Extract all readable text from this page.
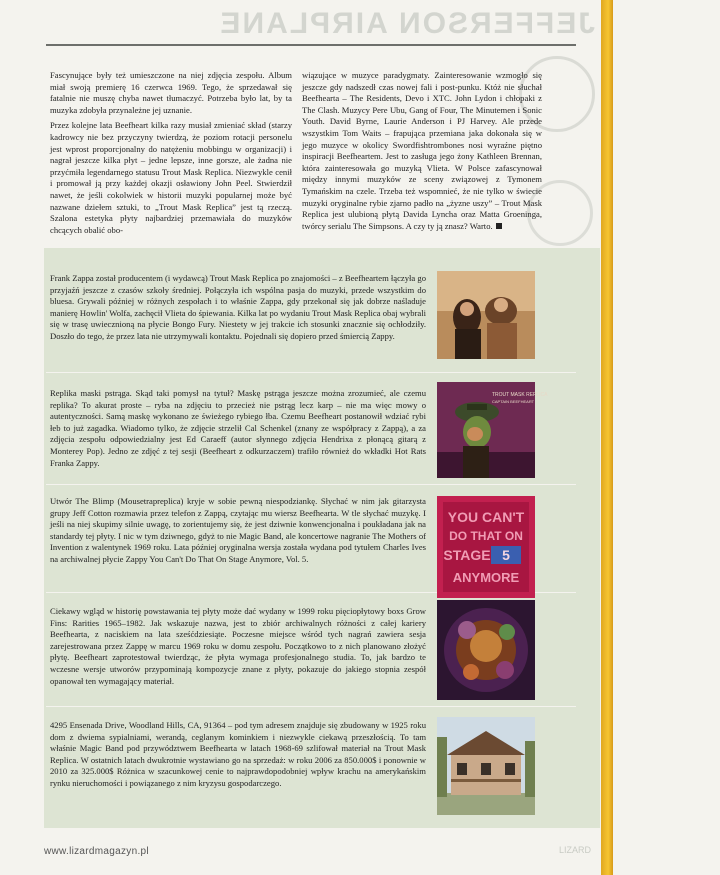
JEFFERSON AIRPLANE

Fascynujące były też umieszczone na niej zdjęcia zespołu. Album miał swoją premierę 16 czerwca 1969. Tego, że sprzedawał się fatalnie nie muszę chyba nawet tłumaczyć. Potrzeba było lat, by ta muzyka zdobyła przynależne jej uznanie.

Przez kolejne lata Beefheart kilka razy musiał zmieniać skład (starzy kadrowcy nie bez przyczyny twierdzą, że poziom rotacji personelu jest wprost proporcjonalny do natężeniu mobbingu w organizacji) i nagrał jeszcze kilka płyt – jedne lepsze, inne gorsze, ale żadna nie przyćmiła legendarnego statusu Trout Mask Replica. Niezwykle cenił i promował ją przy każdej okazji osławiony John Peel. Stwierdził nawet, że jeśli cokolwiek w historii muzyki popularnej może być nazwane dziełem sztuki, to „Trout Mask Replica” jest tą rzeczą. Szalona estetyka płyty najbardziej przemawiała do muzyków chcących obalić obo-

wiązujące w muzyce paradygmaty. Zainteresowanie wzmogło się jeszcze gdy nadszedł czas nowej fali i post-punku. Któż nie słuchał Beefhearta – The Residents, Devo i XTC. John Lydon i chłopaki z The Clash. Muzycy Pere Ubu, Gang of Four, The Minutemen i Sonic Youth. David Byrne, Laurie Anderson i PJ Harvey. Ale przede wszystkim Tom Waits – frapująca przemiana jaka dokonała się w jego muzyce w okolicy Swordfishtrombones nosi wyraźne piętno inspiracji Beefheartem. Jest to zasługa jego żony Kathleen Brennan, która zainteresowała go muzyką Vlieta. W Polsce zafascynował między innymi muzyków ze sceny związowej z Tymonem Tymańskim na czele. Trzeba też wspomnieć, że nie tylko w świecie muzyki oryginalne rybie zjarno padło na „żyzne uszy” – Trout Mask Replica jest ulubioną płytą Davida Lyncha oraz Matta Groeninga, twórcy serialu The Simpsons. A czy ty ją znasz? Warto.

Frank Zappa został producentem (i wydawcą) Trout Mask Replica po znajomości – z Beefheartem łączyła go przyjaźń jeszcze z czasów szkoły średniej. Połączyła ich wspólna pasja do muzyki, przede wszystkim do bluesa. Grywali później w różnych zespołach i to właśnie Zappa, gdy przekonał się jak dobrze naśladuje manierę Howlin' Wolfa, zachęcił Vlieta do śpiewania. Kilka lat po wydaniu Trout Mask Replica obaj wybrali się w trasę uwiecznioną na płycie Bongo Fury. Niestety w jej trakcie ich stosunki znacznie się ochłodziły. Doszło do tego, że przez lata nie utrzymywali kontaktu. Pojednali się dopiero przed śmiercią Zappy.
Replika maski pstrąga. Skąd taki pomysł na tytuł? Maskę pstrąga jeszcze można zrozumieć, ale czemu replika? To akurat proste – ryba na zdjęciu to przecież nie pstrąg lecz karp – nie ma więc mowy o autentyczności. Samą maskę wykonano ze świeżego rybiego łba. Czemu Beefheart postanowił wdziać rybi łeb to już zagadka. Wiadomo tylko, że zdjęcie strzelił Cal Schenkel (znany ze współpracy z Zappą), a za zdjęcia zespołu odpowiedzialny jest Ed Caraeff (autor słynnego zdjęcia Hendrixa z płonącą gitarą z Monterey Pop). Jedno ze zdjęć z tej sesji (Beefheart z odkurzaczem) trafiło również do wkładki Hot Rats Franka Zappy.
Utwór The Blimp (Mousetrapreplica) kryje w sobie pewną niespodziankę. Słychać w nim jak gitarzysta grupy Jeff Cotton rozmawia przez telefon z Zappą, czytając mu wiersz Beefhearta. W tle słychać muzykę. I jeśli na niej skupimy silnie uwagę, to zorientujemy się, że jest dziwnie konwencjonalna i poukładana jak na standardy tej płyty. I nic w tym dziwnego, gdyż to nie Magic Band, ale koncertowe nagranie The Mothers of Invention z walentynek 1969 roku. Lata później oryginalna wersja została wydana pod tytułem Charles Ives na archiwalnej płycie Zappy You Can't Do That On Stage Anymore, Vol. 5.
Ciekawy wgląd w historię powstawania tej płyty może dać wydany w 1999 roku pięciopłytowy boxs Grow Fins: Rarities 1965–1982. Jak wskazuje nazwa, jest to zbiór archiwalnych różności z całej kariery Beefhearta, z naciskiem na lata sześćdziesiąte. Poczesne miejsce wśród tych nagrań zawiera sesja zarejestrowana przez Zappę w marcu 1969 roku w domu zespołu. Początkowo to z nich planowano złożyć płytę. Beefheart zaprotestował twierdząc, że płyta wymaga profesjonalnego studia. To, jak bardzo te wczesne wersje utworów przypominają kompozycje znane z płyty, pokazuje do jakiego stopnia zespół opanował ten wymagający materiał.
4295 Ensenada Drive, Woodland Hills, CA, 91364 – pod tym adresem znajduje się zbudowany w 1925 roku dom z dwiema sypialniami, werandą, ceglanym kominkiem i niezwykle ciekawą przeszłością. To tam właśnie Magic Band pod przywództwem Beefhearta w latach 1968-69 szlifował materiał na Trout Mask Replica. W ostatnich latach dwukrotnie wystawiano go na sprzedaż: w roku 2006 za 850.000$ i ponownie w 2010 za 325.000$ Różnica w szacunkowej cenie to najprawdopodobniej wpływ krachu na amerykańskim rynku nieruchomości i powiązanego z nim kryzysu gospodarczego.
TROUT MASK REPLICA
CAPTAIN BEEFHEART
YOU CAN'T
DO THAT ON
STAGE 5
ANYMORE
www.lizardmagazyn.pl	LIZARD
